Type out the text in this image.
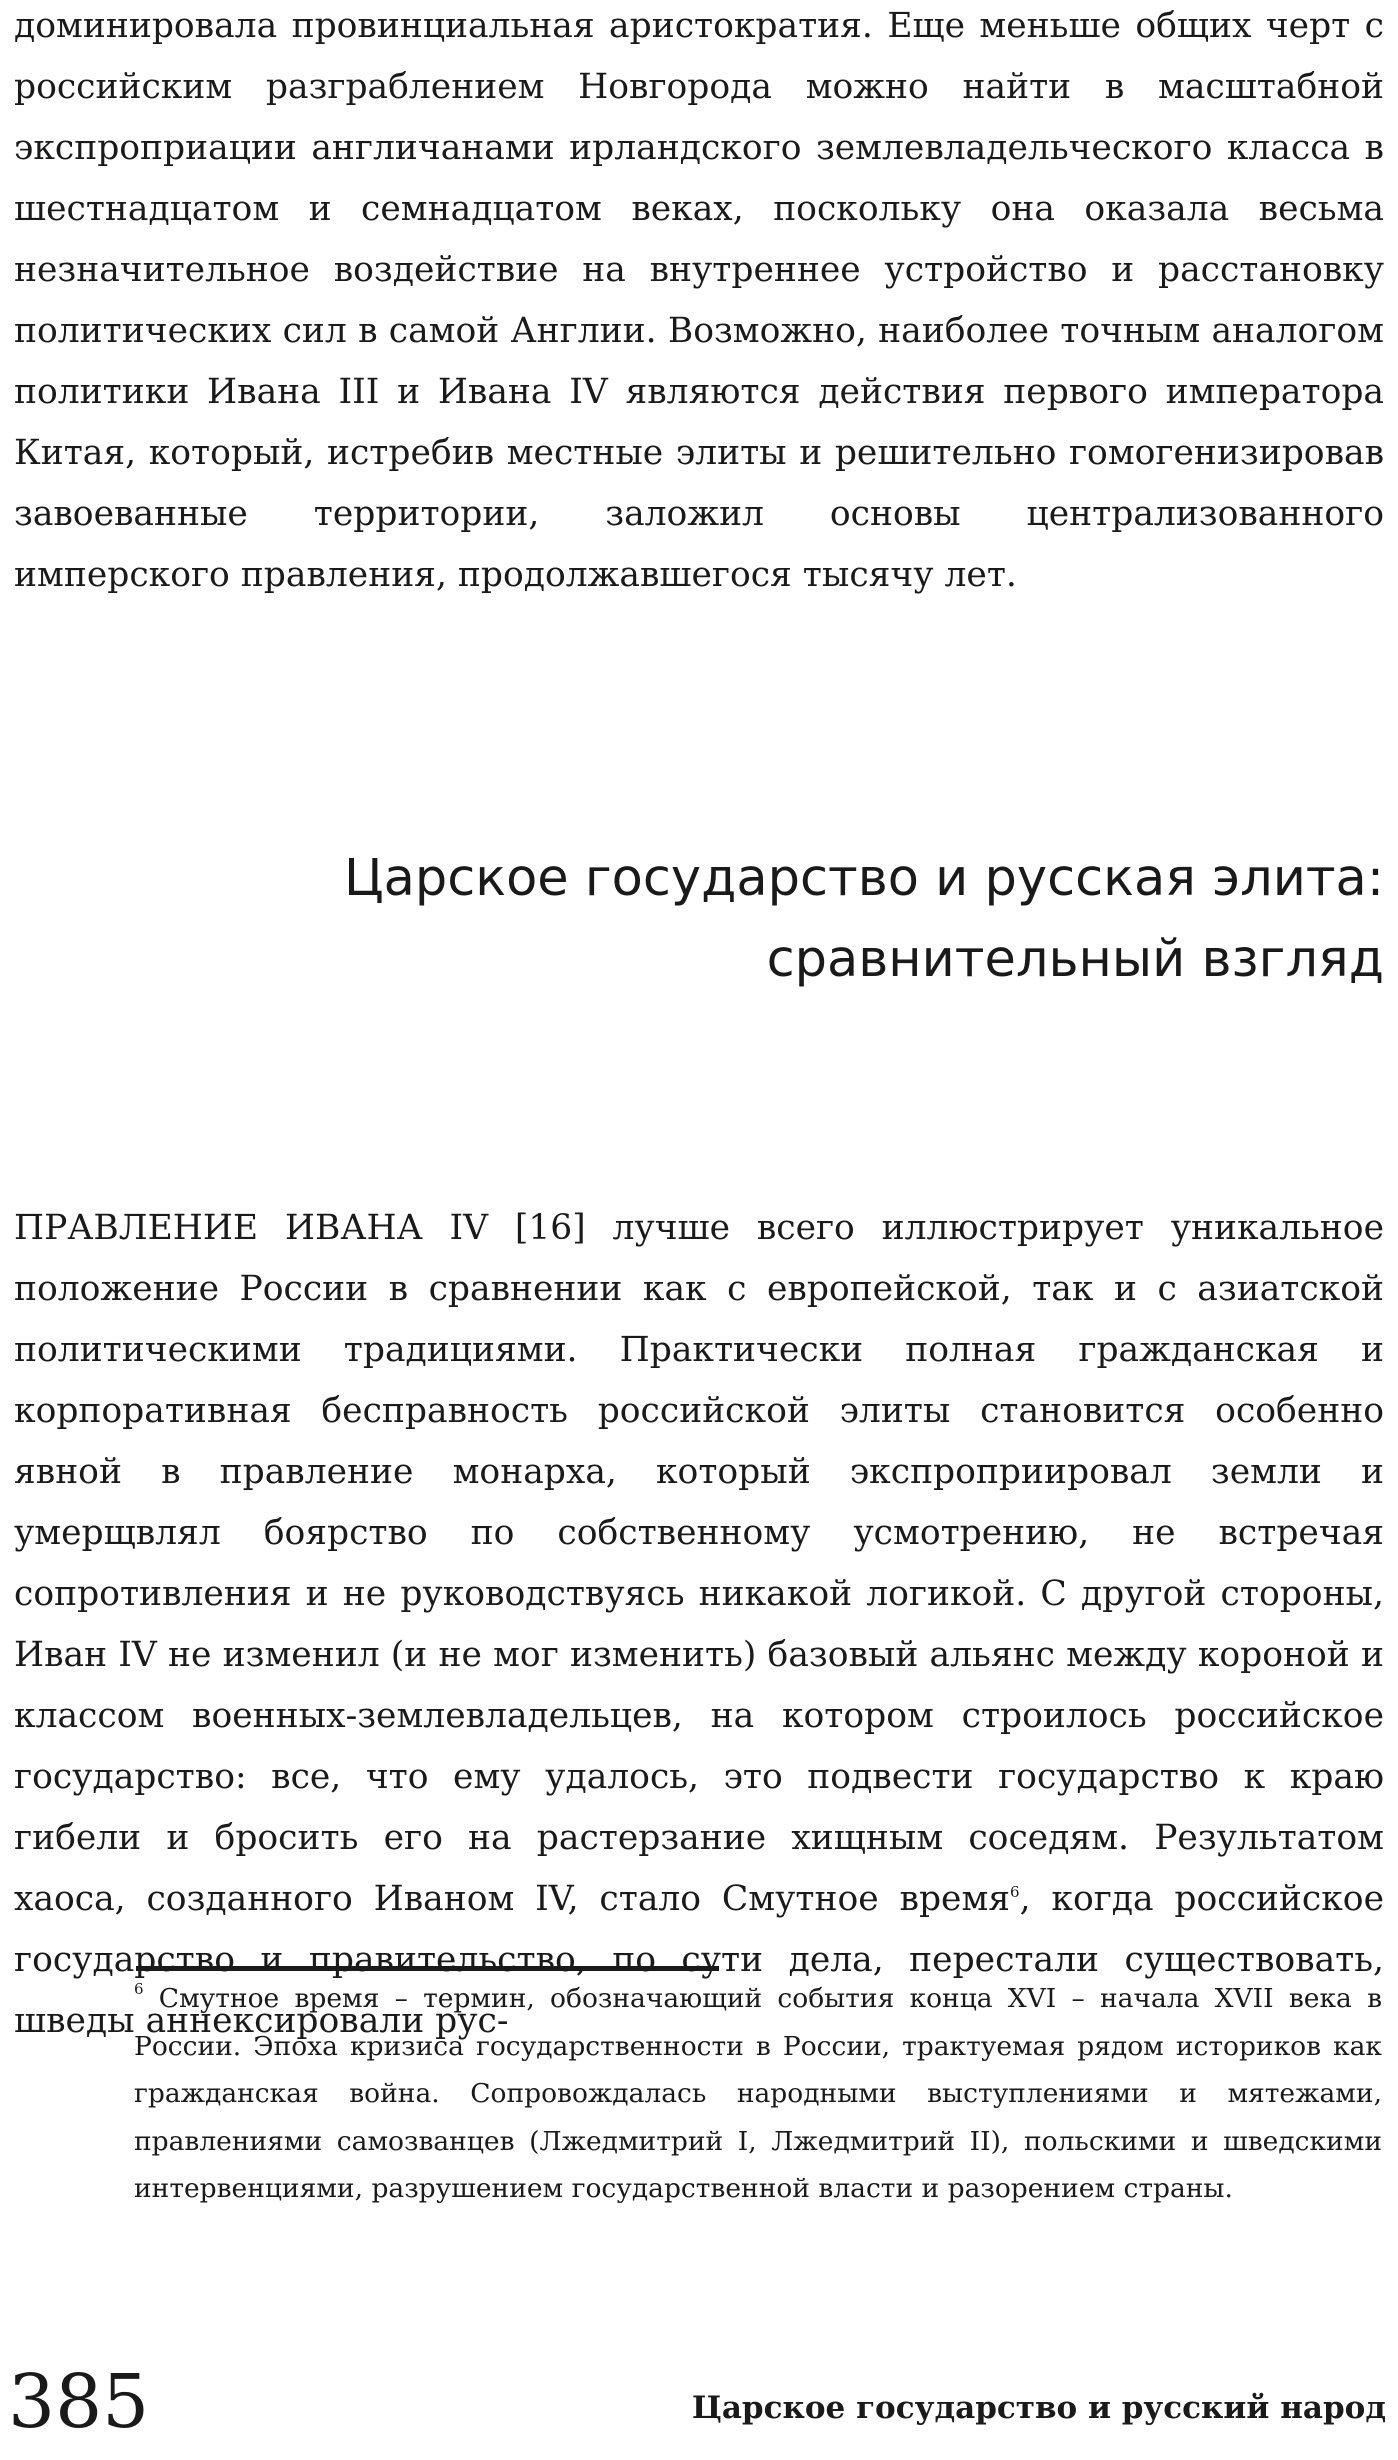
доминировала провинциальная аристократия. Еще меньше общих черт с российским разграблением Новгорода можно найти в масштабной экспроприации англичанами ирландского землевладельческого класса в шестнадцатом и семнадцатом веках, поскольку она оказала весьма незначительное воздействие на внутреннее устройство и расстановку политических сил в самой Англии. Возможно, наиболее точным аналогом политики Ивана III и Ивана IV являются действия первого императора Китая, который, истребив местные элиты и решительно гомогенизировав завоеванные территории, заложил основы централизованного имперского правления, продолжавшегося тысячу лет.

Царское государство и русская элита:
сравнительный взгляд

ПРАВЛЕНИЕ ИВАНА IV [16] лучше всего иллюстрирует уникальное положение России в сравнении как с европейской, так и с азиатской политическими традициями. Практически полная гражданская и корпоративная бесправность российской элиты становится особенно явной в правление монарха, который экспроприировал земли и умерщвлял боярство по собственному усмотрению, не встречая сопротивления и не руководствуясь никакой логикой. С другой стороны, Иван IV не изменил (и не мог изменить) базовый альянс между короной и классом военных-землевладельцев, на котором строилось российское государство: все, что ему удалось, это подвести государство к краю гибели и бросить его на растерзание хищным соседям. Результатом хаоса, созданного Иваном IV, стало Смутное время$^6$, когда российское государство и правительство, по сути дела, перестали существовать, шведы аннексировали рус-

$^6$ Смутное время – термин, обозначающий события конца XVI – начала XVII века в России. Эпоха кризиса государственности в России, трактуемая рядом историков как гражданская война. Сопровождалась народными выступлениями и мятежами, правлениями самозванцев (Лжедмитрий I, Лжедмитрий II), польскими и шведскими интервенциями, разрушением государственной власти и разорением страны.

385	Царское государство и русский народ
